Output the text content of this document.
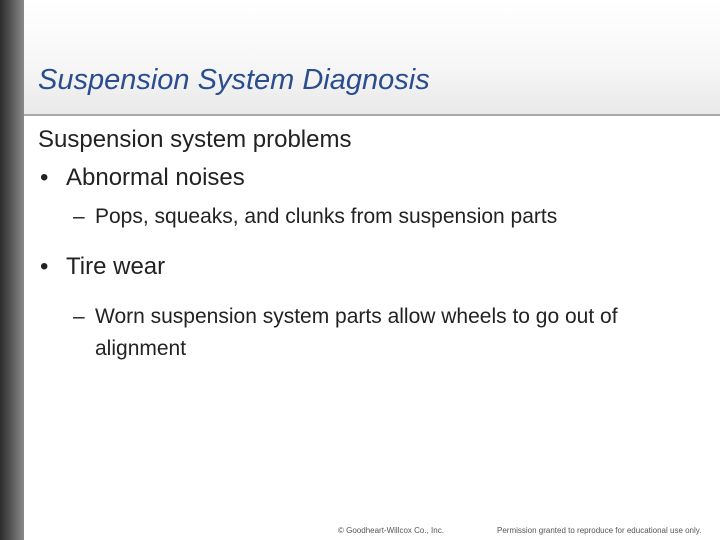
Suspension System Diagnosis

Suspension system problems

• Abnormal noises
– Pops, squeaks, and clunks from suspension parts
• Tire wear
– Worn suspension system parts allow wheels to go out of alignment
© Goodheart-Willcox Co., Inc.	Permission granted to reproduce for educational use only.
